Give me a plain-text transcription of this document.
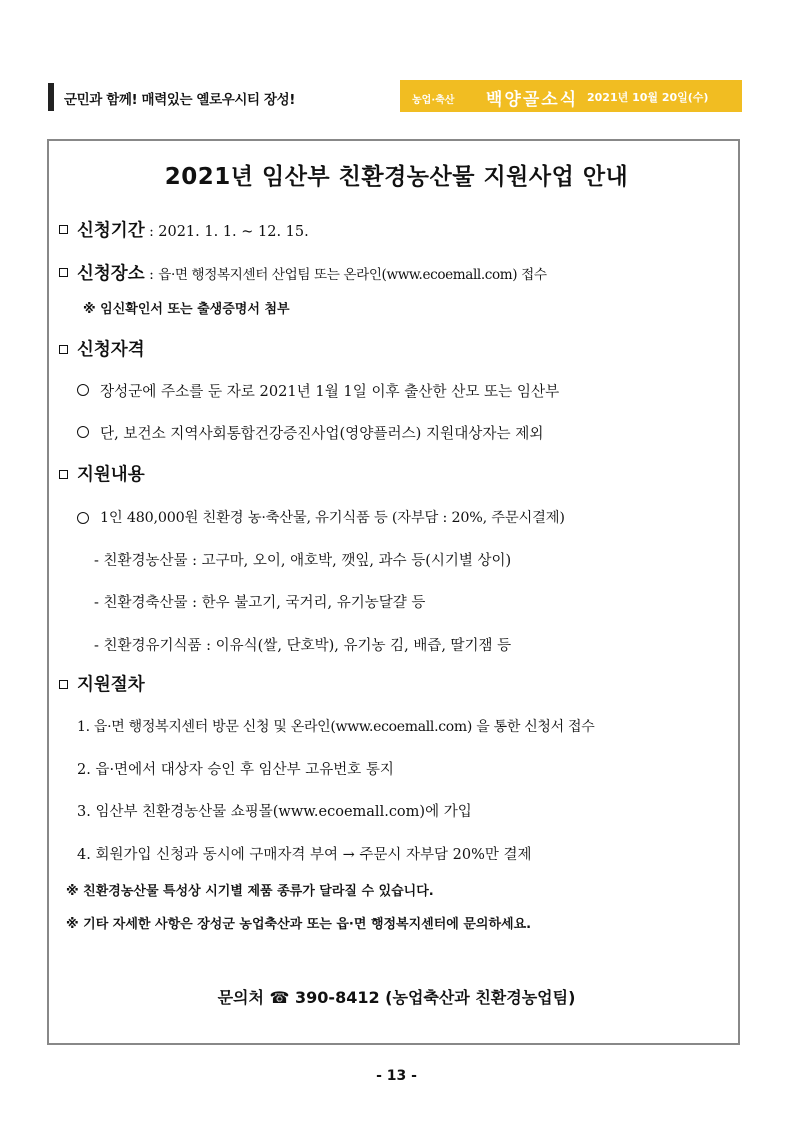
군민과 함께! 매력있는 옐로우시티 장성!	농업·축산 백양골소식 2021년 10월 20일(수)
2021년 임산부 친환경농산물 지원사업 안내
신청기간 : 2021. 1. 1. ~ 12. 15.
신청장소 : 읍·면 행정복지센터 산업팀 또는 온라인(www.ecoemall.com) 접수
※ 임신확인서 또는 출생증명서 첨부
신청자격
장성군에 주소를 둔 자로 2021년 1월 1일 이후 출산한 산모 또는 임산부
단, 보건소 지역사회통합건강증진사업(영양플러스) 지원대상자는 제외
지원내용
1인 480,000원 친환경 농·축산물, 유기식품 등 (자부담 : 20%, 주문시결제)
- 친환경농산물 : 고구마, 오이, 애호박, 깻잎, 과수 등(시기별 상이)
- 친환경축산물 : 한우 불고기, 국거리, 유기농달걀 등
- 친환경유기식품 : 이유식(쌀, 단호박), 유기농 김, 배즙, 딸기잼 등
지원절차
1. 읍·면 행정복지센터 방문 신청 및 온라인(www.ecoemall.com) 을 통한 신청서 접수
2. 읍·면에서 대상자 승인 후 임산부 고유번호 통지
3. 임산부 친환경농산물 쇼핑몰(www.ecoemall.com)에 가입
4. 회원가입 신청과 동시에 구매자격 부여 → 주문시 자부담 20%만 결제
※ 친환경농산물 특성상 시기별 제품 종류가 달라질 수 있습니다.
※ 기타 자세한 사항은 장성군 농업축산과 또는 읍·면 행정복지센터에 문의하세요.
문의처 ☎ 390-8412 (농업축산과 친환경농업팀)
- 13 -
